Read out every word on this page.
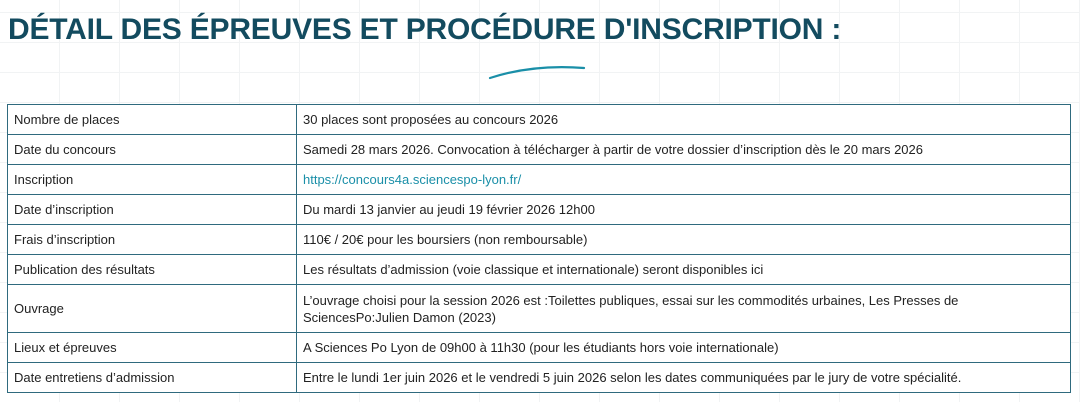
DÉTAIL DES ÉPREUVES ET PROCÉDURE D'INSCRIPTION :
Nombre de places	30 places sont proposées au concours 2026
Date du concours	Samedi 28 mars 2026. Convocation à télécharger à partir de votre dossier d’inscription dès le 20 mars 2026
Inscription	https://concours4a.sciencespo-lyon.fr/
Date d’inscription	Du mardi 13 janvier au jeudi 19 février 2026 12h00
Frais d’inscription	110€ / 20€ pour les boursiers (non remboursable)
Publication des résultats	Les résultats d’admission (voie classique et internationale) seront disponibles ici
Ouvrage	L’ouvrage choisi pour la session 2026 est :Toilettes publiques, essai sur les commodités urbaines, Les Presses de SciencesPo:Julien Damon (2023)
Lieux et épreuves	A Sciences Po Lyon de 09h00 à 11h30 (pour les étudiants hors voie internationale)
Date entretiens d’admission	Entre le lundi 1er juin 2026 et le vendredi 5 juin 2026 selon les dates communiquées par le jury de votre spécialité.
